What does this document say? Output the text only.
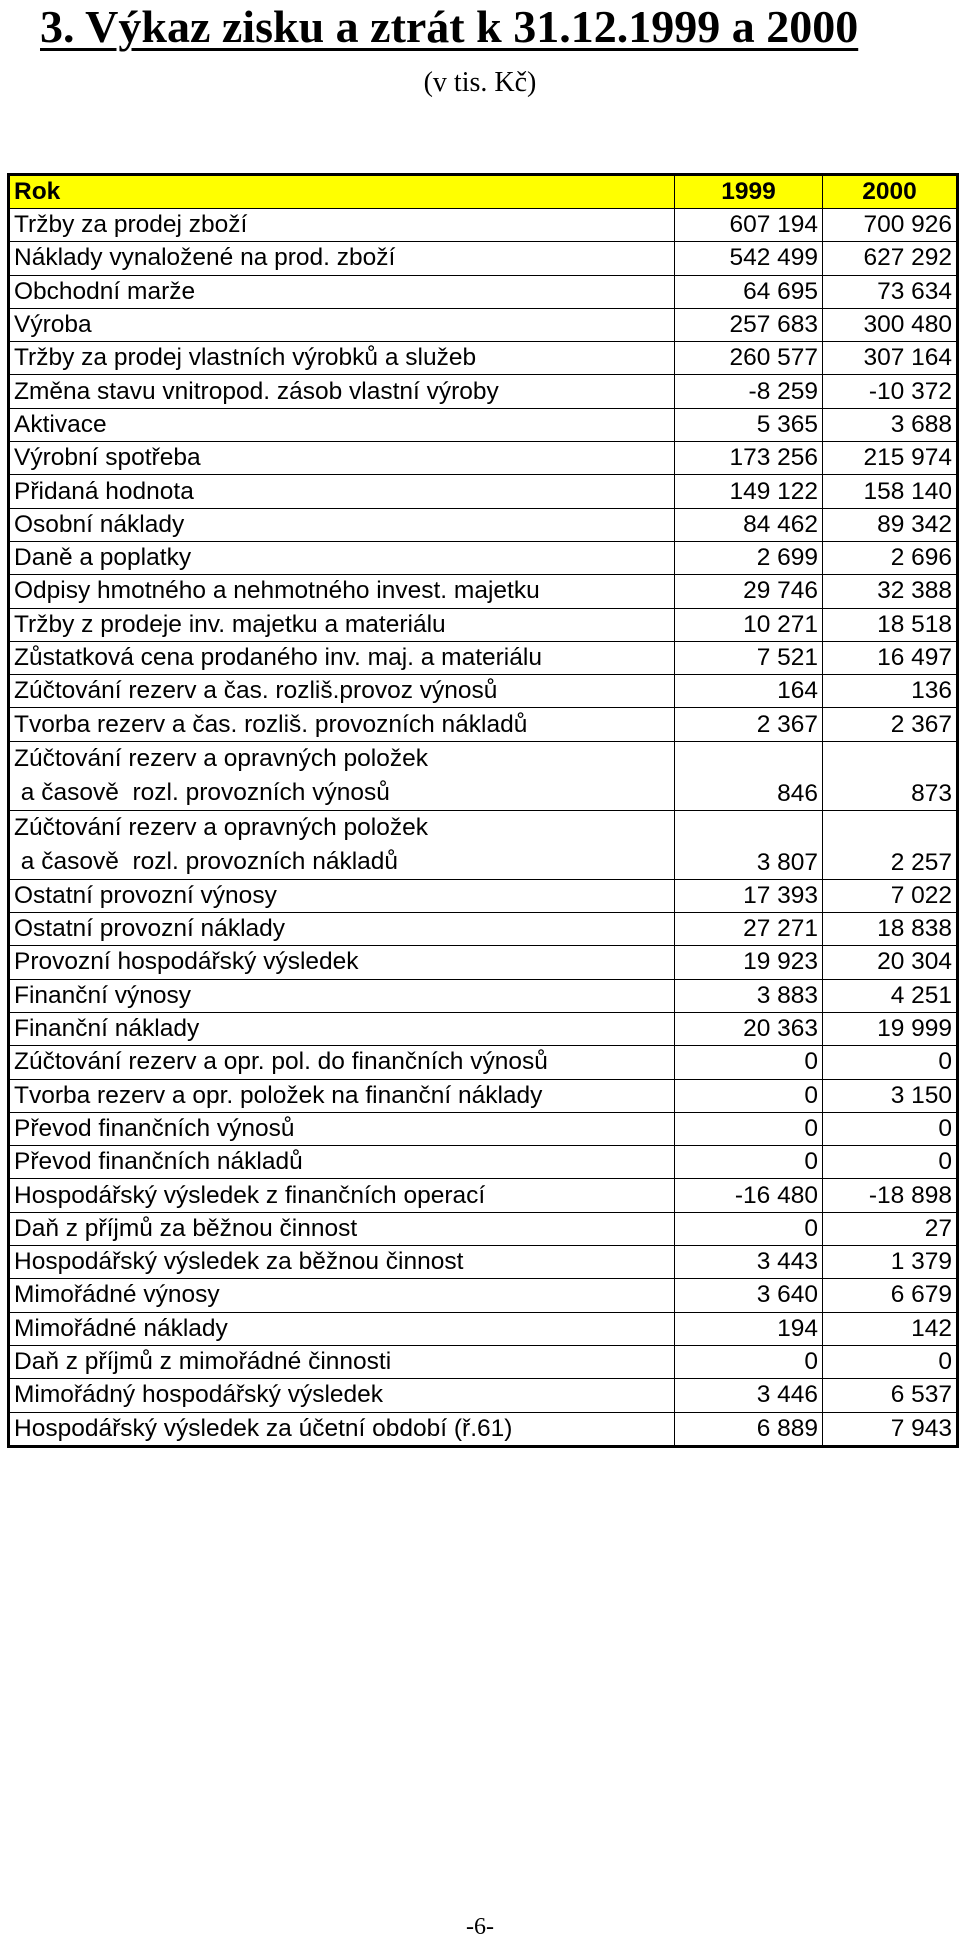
3. Výkaz zisku a ztrát k 31.12.1999 a 2000
(v tis. Kč)
Rok	1999	2000
Tržby za prodej zboží	607 194	700 926
Náklady vynaložené na prod. zboží	542 499	627 292
Obchodní marže	64 695	73 634
Výroba	257 683	300 480
Tržby za prodej vlastních výrobků a služeb	260 577	307 164
Změna stavu vnitropod. zásob vlastní výroby	-8 259	-10 372
Aktivace	5 365	3 688
Výrobní spotřeba	173 256	215 974
Přidaná hodnota	149 122	158 140
Osobní náklady	84 462	89 342
Daně a poplatky	2 699	2 696
Odpisy hmotného a nehmotného invest. majetku	29 746	32 388
Tržby z prodeje inv. majetku a materiálu	10 271	18 518
Zůstatková cena prodaného inv. maj. a materiálu	7 521	16 497
Zúčtování rezerv a čas. rozliš.provoz výnosů	164	136
Tvorba rezerv a čas. rozliš. provozních nákladů	2 367	2 367
Zúčtování rezerv a opravných položek
a časově  rozl. provozních výnosů	846	873
Zúčtování rezerv a opravných položek
a časově  rozl. provozních nákladů	3 807	2 257
Ostatní provozní výnosy	17 393	7 022
Ostatní provozní náklady	27 271	18 838
Provozní hospodářský výsledek	19 923	20 304
Finanční výnosy	3 883	4 251
Finanční náklady	20 363	19 999
Zúčtování rezerv a opr. pol. do finančních výnosů	0	0
Tvorba rezerv a opr. položek na finanční náklady	0	3 150
Převod finančních výnosů	0	0
Převod finančních nákladů	0	0
Hospodářský výsledek z finančních operací	-16 480	-18 898
Daň z příjmů za běžnou činnost	0	27
Hospodářský výsledek za běžnou činnost	3 443	1 379
Mimořádné výnosy	3 640	6 679
Mimořádné náklady	194	142
Daň z příjmů z mimořádné činnosti	0	0
Mimořádný hospodářský výsledek	3 446	6 537
Hospodářský výsledek za účetní období (ř.61)	6 889	7 943
-6-
